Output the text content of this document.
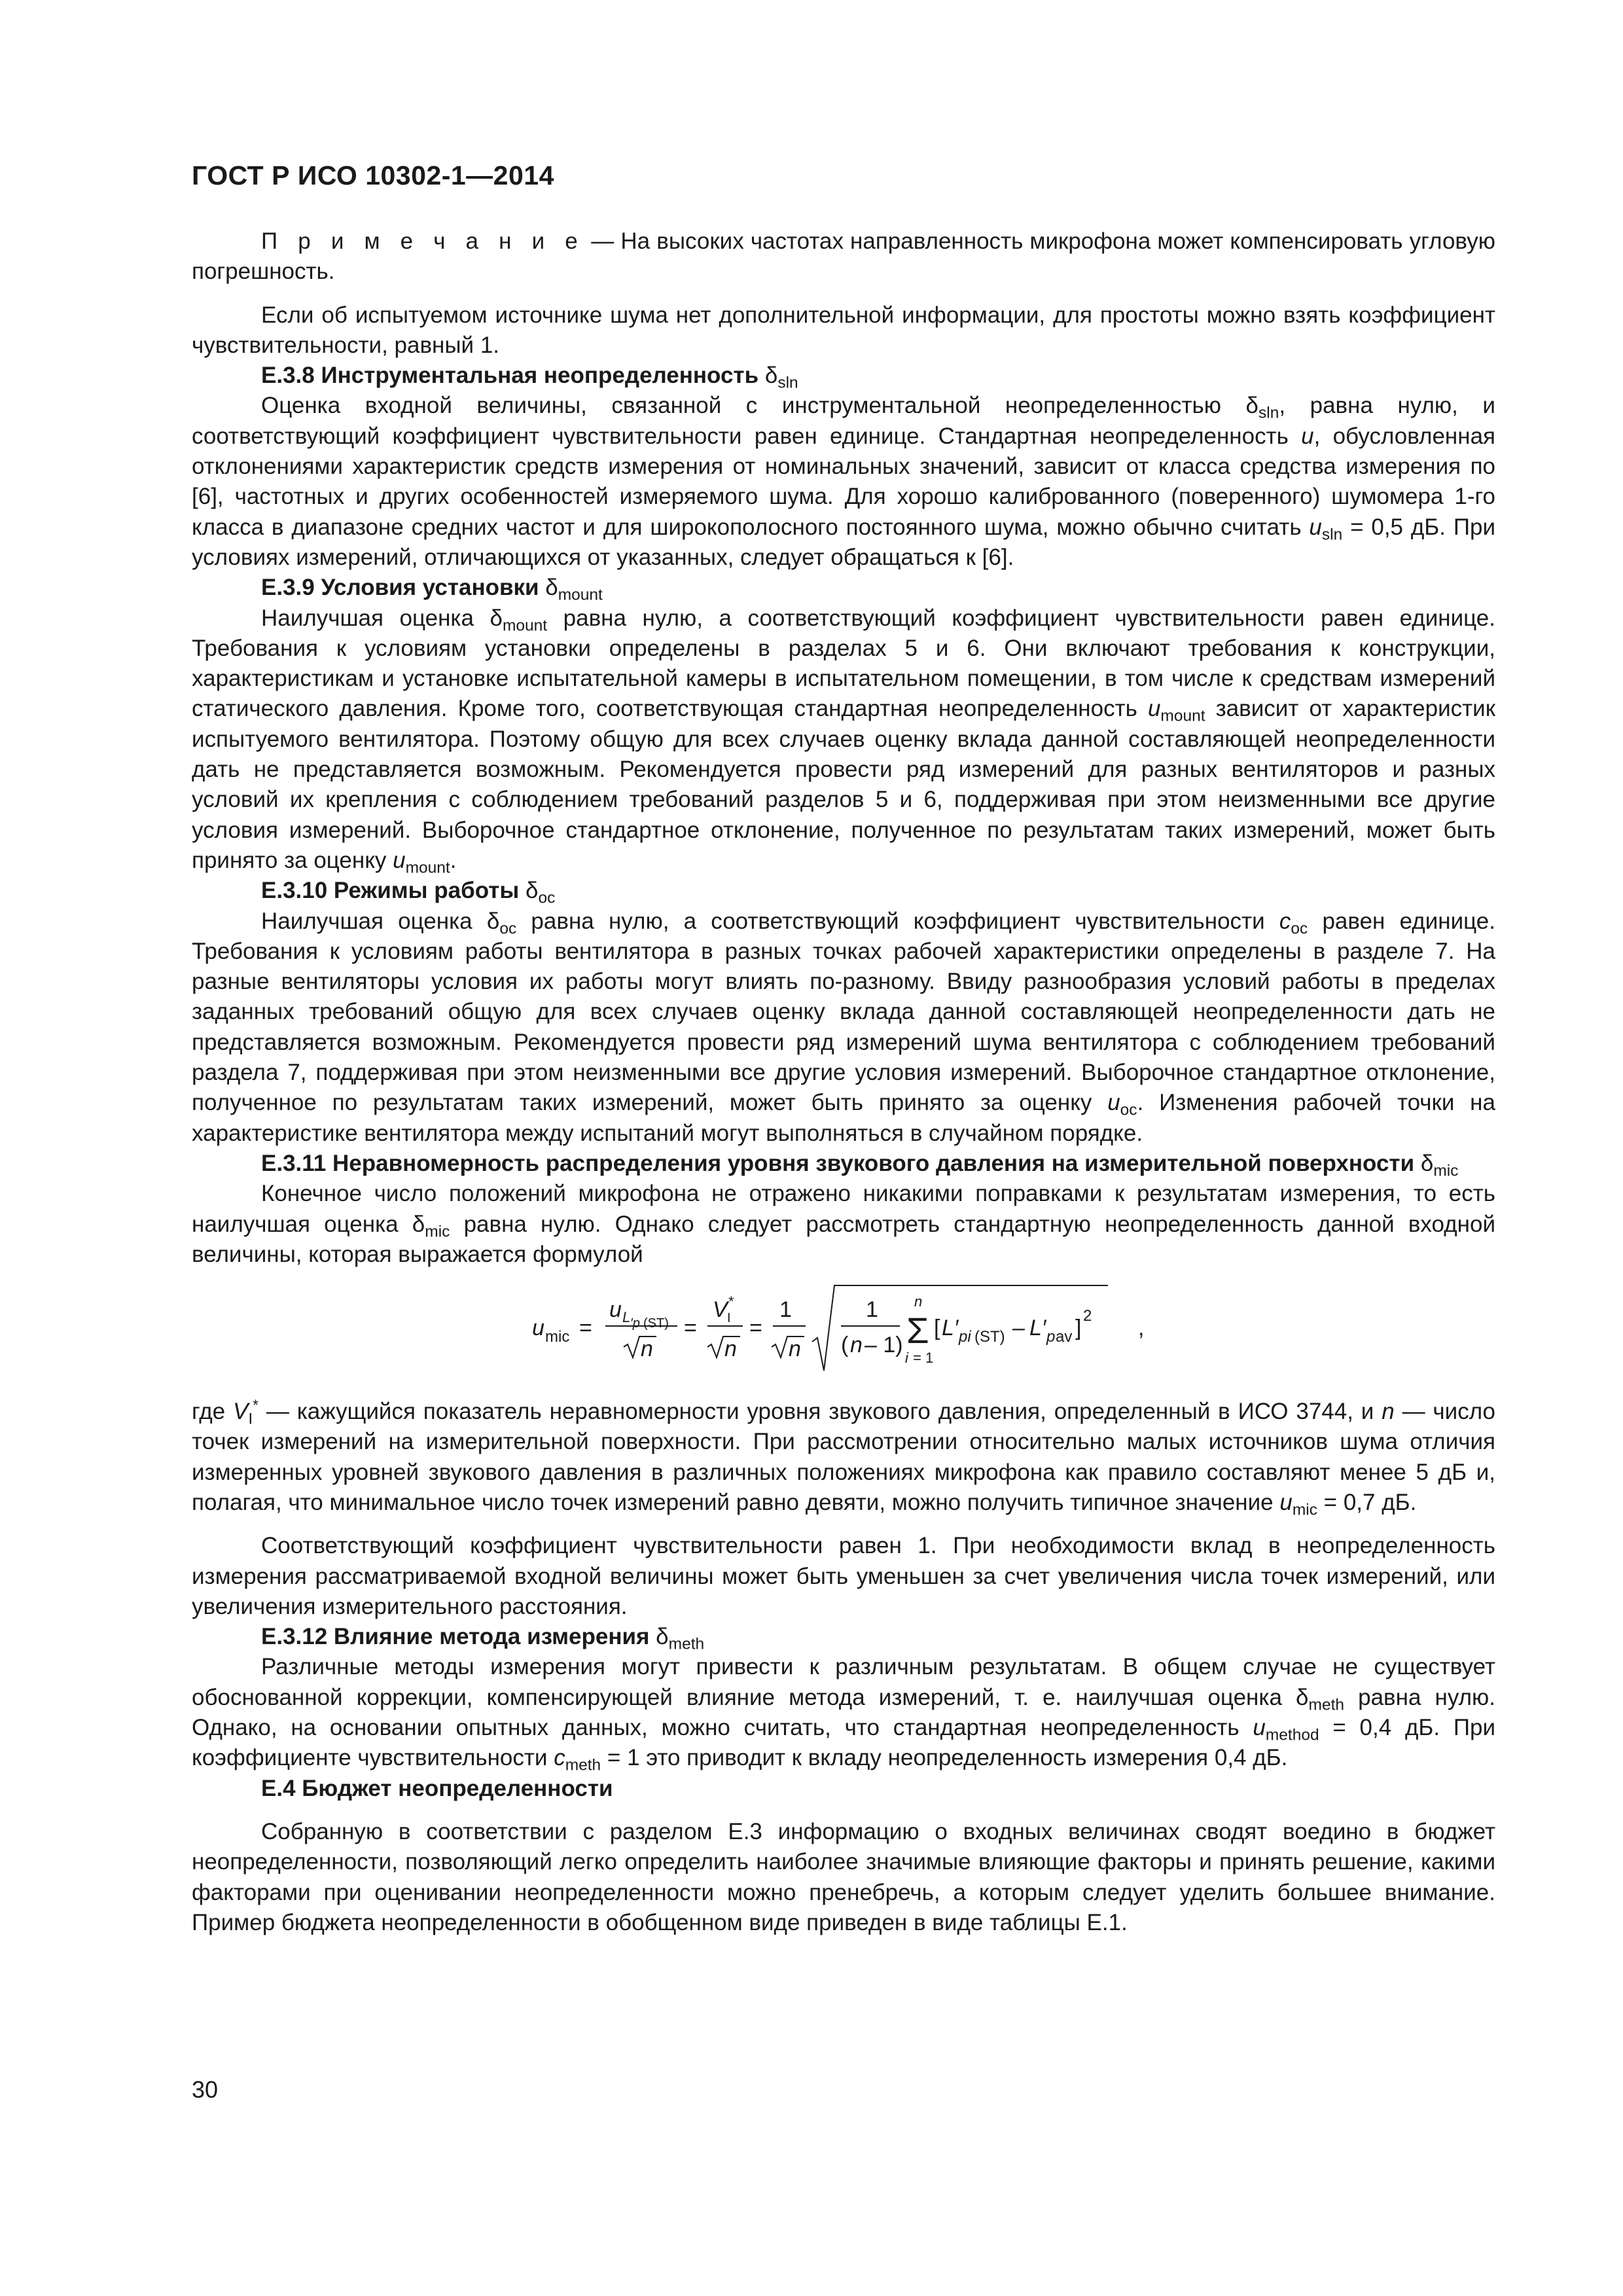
ГОСТ Р ИСО 10302-1—2014

П р и м е ч а н и е — На высоких частотах направленность микрофона может компенсировать угловую погрешность.

Если об испытуемом источнике шума нет дополнительной информации, для простоты можно взять коэффициент чувствительности, равный 1.

Е.3.8 Инструментальная неопределенность $\delta_{sln}$

Оценка входной величины, связанной с инструментальной неопределенностью $\delta_{sln}$, равна нулю, и соответствующий коэффициент чувствительности равен единице. Стандартная неопределенность u, обусловленная отклонениями характеристик средств измерения от номинальных значений, зависит от класса средства измерения по [6], частотных и других особенностей измеряемого шума. Для хорошо калиброванного (поверенного) шумомера 1-го класса в диапазоне средних частот и для широкополосного постоянного шума, можно обычно считать $u_{sln} = 0,5$ дБ. При условиях измерений, отличающихся от указанных, следует обращаться к [6].

Е.3.9 Условия установки $\delta_{mount}$

Наилучшая оценка $\delta_{mount}$ равна нулю, а соответствующий коэффициент чувствительности равен единице. Требования к условиям установки определены в разделах 5 и 6. Они включают требования к конструкции, характеристикам и установке испытательной камеры в испытательном помещении, в том числе к средствам измерений статического давления. Кроме того, соответствующая стандартная неопределенность $u_{mount}$ зависит от характеристик испытуемого вентилятора. Поэтому общую для всех случаев оценку вклада данной составляющей неопределенности дать не представляется возможным. Рекомендуется провести ряд измерений для разных вентиляторов и разных условий их крепления с соблюдением требований разделов 5 и 6, поддерживая при этом неизменными все другие условия измерений. Выборочное стандартное отклонение, полученное по результатам таких измерений, может быть принято за оценку $u_{mount}$.

Е.3.10 Режимы работы $\delta_{oc}$

Наилучшая оценка $\delta_{oc}$ равна нулю, а соответствующий коэффициент чувствительности $c_{oc}$ равен единице. Требования к условиям работы вентилятора в разных точках рабочей характеристики определены в разделе 7. На разные вентиляторы условия их работы могут влиять по-разному. Ввиду разнообразия условий работы в пределах заданных требований общую для всех случаев оценку вклада данной составляющей неопределенности дать не представляется возможным. Рекомендуется провести ряд измерений шума вентилятора с соблюдением требований раздела 7, поддерживая при этом неизменными все другие условия измерений. Выборочное стандартное отклонение, полученное по результатам таких измерений, может быть принято за оценку $u_{oc}$. Изменения рабочей точки на характеристике вентилятора между испытаний могут выполняться в случайном порядке.

Е.3.11 Неравномерность распределения уровня звукового давления на измерительной поверхности $\delta_{mic}$

Конечное число положений микрофона не отражено никакими поправками к результатам измерения, то есть наилучшая оценка $\delta_{mic}$ равна нулю. Однако следует рассмотреть стандартную неопределенность данной входной величины, которая выражается формулой

u mic =
u L ′p (ST)
n
=
V I
*
n
=
1
n
1
( n – 1)
n
Σ
i = 1
[ L′ pi (ST) – L′ p av ] 2 ,

где $V_I^*$ — кажущийся показатель неравномерности уровня звукового давления, определенный в ИСО 3744, и n — число точек измерений на измерительной поверхности. При рассмотрении относительно малых источников шума отличия измеренных уровней звукового давления в различных положениях микрофона как правило составляют менее 5 дБ и, полагая, что минимальное число точек измерений равно девяти, можно получить типичное значение $u_{mic} = 0,7$ дБ.

Соответствующий коэффициент чувствительности равен 1. При необходимости вклад в неопределенность измерения рассматриваемой входной величины может быть уменьшен за счет увеличения числа точек измерений, или увеличения измерительного расстояния.

Е.3.12 Влияние метода измерения $\delta_{meth}$

Различные методы измерения могут привести к различным результатам. В общем случае не существует обоснованной коррекции, компенсирующей влияние метода измерений, т. е. наилучшая оценка $\delta_{meth}$ равна нулю. Однако, на основании опытных данных, можно считать, что стандартная неопределенность $u_{method} = 0,4$ дБ. При коэффициенте чувствительности $c_{meth} = 1$ это приводит к вкладу неопределенность измерения 0,4 дБ.

Е.4 Бюджет неопределенности

Собранную в соответствии с разделом Е.3 информацию о входных величинах сводят воедино в бюджет неопределенности, позволяющий легко определить наиболее значимые влияющие факторы и принять решение, какими факторами при оценивании неопределенности можно пренебречь, а которым следует уделить большее внимание. Пример бюджета неопределенности в обобщенном виде приведен в виде таблицы Е.1.

30
